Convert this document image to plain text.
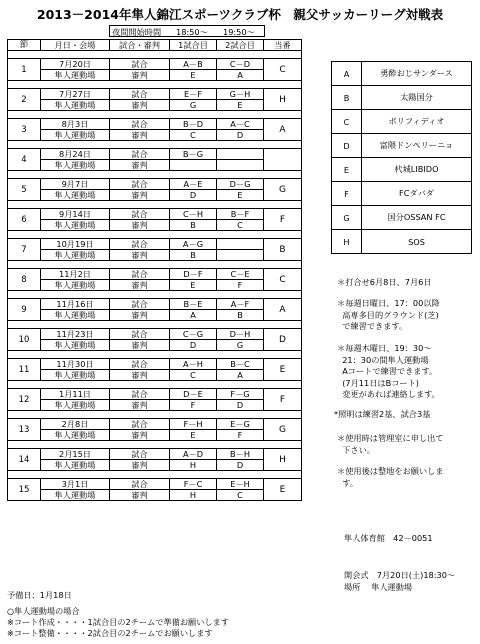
2013－2014年隼人錦江スポーツクラブ杯　親父サッカーリーグ対戦表
夜間開始時間 18:50～ 19:50～
節	月日・会場	試合・審判	1試合目	2試合目	当番

1	7月20日	試合	A－B	C－D	C
	隼人運動場	審判	E	A	

2	7月27日	試合	E－F	G－H	H
	隼人運動場	審判	G	E	

3	8月3日	試合	B－D	A－C	A
	隼人運動場	審判	C	D	

4	8月24日	試合	B－G		
	隼人運動場	審判			

5	9月7日	試合	A－E	D－G	G
	隼人運動場	審判	D	E	

6	9月14日	試合	C－H	B－F	F
	隼人運動場	審判	B	C	

7	10月19日	試合	A－G		B
	隼人運動場	審判	B		

8	11月2日	試合	D－F	C－E	C
	隼人運動場	審判	E	F	

9	11月16日	試合	B－E	A－F	A
	隼人運動場	審判	A	B	

10	11月23日	試合	C－G	D－H	D
	隼人運動場	審判	D	G	

11	11月30日	試合	A－H	B－C	E
	隼人運動場	審判	C	A	

12	1月11日	試合	D－E	F－G	F
	隼人運動場	審判	F	D	

13	2月8日	試合	F－H	E－G	G
	隼人運動場	審判	E	F	

14	2月15日	試合	A－D	B－H	H
	隼人運動場	審判	H	D	

15	3月1日	試合	F－C	E－H	E
	隼人運動場	審判	H	C	
A	勇酔おじサンダース
B	太陽国分
C	ボリフィディオ
D	富隈ドンペリーニョ
E	杙城LIBIDO
F	FCダバダ
G	国分OSSAN FC
H	SOS
＊打合せ6月8日、7月6日
＊毎週日曜日、17：00以降
高専多目的グラウンド(芝)
で練習できます。
＊毎週木曜日、19：30～
21：30の間隼人運動場
Aコートで練習できます。
(7月11日はBコート)
変更があれば連絡します。
*照明は練習2基、試合3基
＊使用時は管理室に申し出て
下さい。
＊使用後は整地をお願いしま
す。
隼人体育館　42－0051
開会式　7月20日(土)18:30～
場所　 隼人運動場
予備日：1月18日
○隼人運動場の場合
※コート作成・・・・1試合目の2チームで準備お願いします
※コート整備・・・・2試合目の2チームでお願いします
